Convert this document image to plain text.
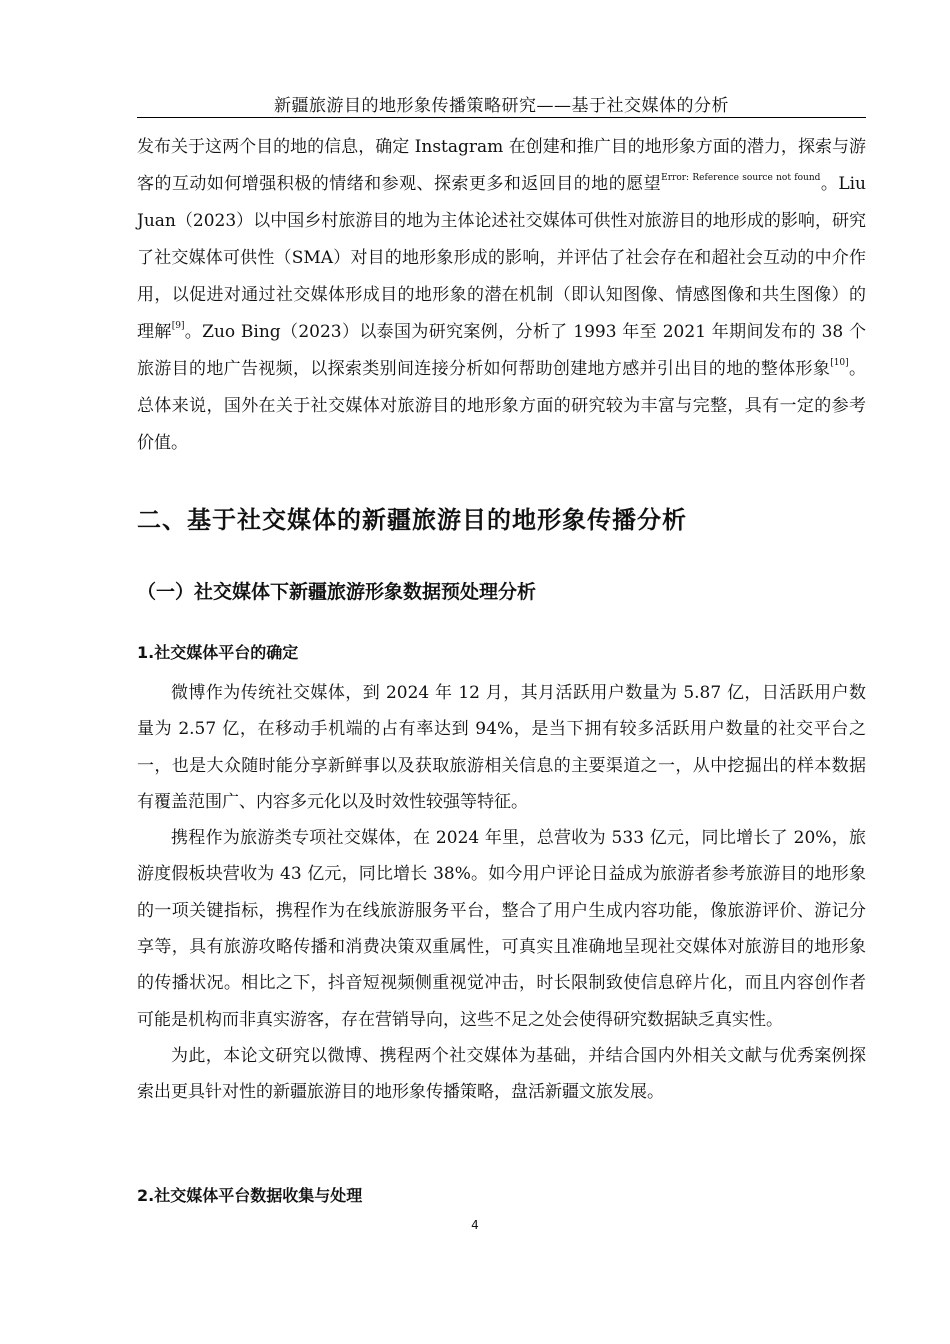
新疆旅游目的地形象传播策略研究——基于社交媒体的分析

发布关于这两个目的地的信息，确定 Instagram 在创建和推广目的地形象方面的潜力，探索与游客的互动如何增强积极的情绪和参观、探索更多和返回目的地的愿望$^{Error: Reference source not found}$。Liu Juan（2023）以中国乡村旅游目的地为主体论述社交媒体可供性对旅游目的地形成的影响，研究了社交媒体可供性（SMA）对目的地形象形成的影响，并评估了社会存在和超社会互动的中介作用，以促进对通过社交媒体形成目的地形象的潜在机制（即认知图像、情感图像和共生图像）的理解[9]。Zuo Bing（2023）以泰国为研究案例，分析了 1993 年至 2021 年期间发布的 38 个旅游目的地广告视频，以探索类别间连接分析如何帮助创建地方感并引出目的地的整体形象[10]。总体来说，国外在关于社交媒体对旅游目的地形象方面的研究较为丰富与完整，具有一定的参考价值。

二、基于社交媒体的新疆旅游目的地形象传播分析
（一）社交媒体下新疆旅游形象数据预处理分析
1.社交媒体平台的确定

微博作为传统社交媒体，到 2024 年 12 月，其月活跃用户数量为 5.87 亿，日活跃用户数量为 2.57 亿，在移动手机端的占有率达到 94%，是当下拥有较多活跃用户数量的社交平台之一，也是大众随时能分享新鲜事以及获取旅游相关信息的主要渠道之一，从中挖掘出的样本数据有覆盖范围广、内容多元化以及时效性较强等特征。

携程作为旅游类专项社交媒体，在 2024 年里，总营收为 533 亿元，同比增长了 20%，旅游度假板块营收为 43 亿元，同比增长 38%。如今用户评论日益成为旅游者参考旅游目的地形象的一项关键指标，携程作为在线旅游服务平台，整合了用户生成内容功能，像旅游评价、游记分享等，具有旅游攻略传播和消费决策双重属性，可真实且准确地呈现社交媒体对旅游目的地形象的传播状况。相比之下，抖音短视频侧重视觉冲击，时长限制致使信息碎片化，而且内容创作者可能是机构而非真实游客，存在营销导向，这些不足之处会使得研究数据缺乏真实性。

为此，本论文研究以微博、携程两个社交媒体为基础，并结合国内外相关文献与优秀案例探索出更具针对性的新疆旅游目的地形象传播策略，盘活新疆文旅发展。

2.社交媒体平台数据收集与处理
4
